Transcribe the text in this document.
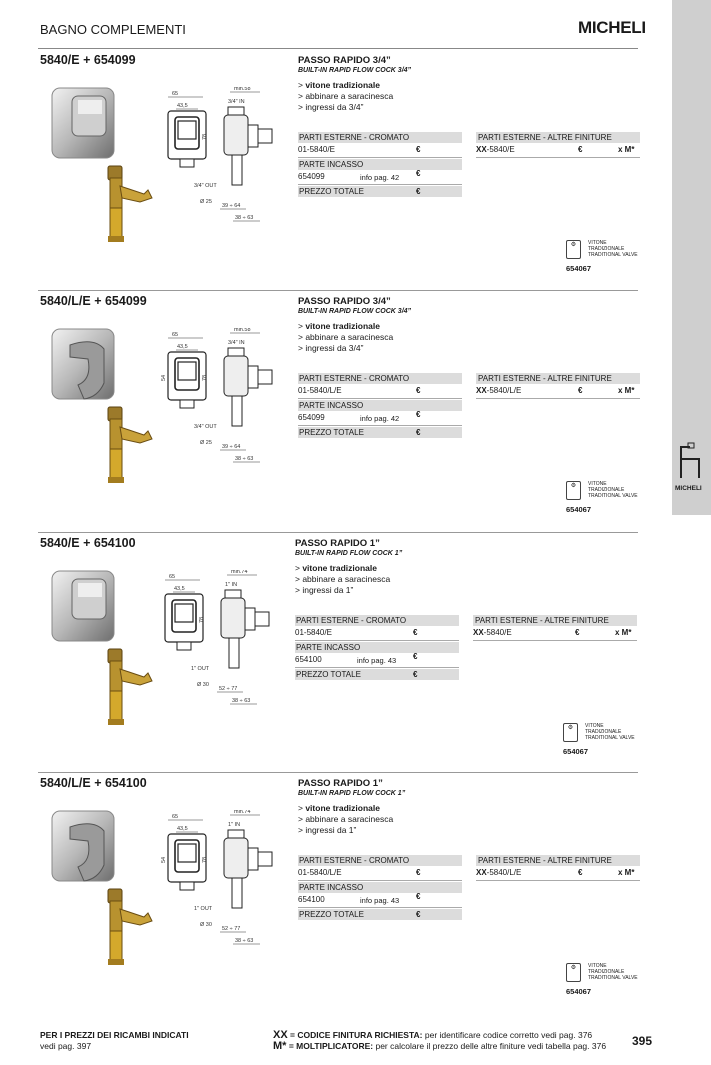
BAGNO COMPLEMENTI	MICHELI
MICHELI
5840/E + 654099
65
43,5
78
min.58
3/4" IN
3/4" OUT
Ø 25
39 ÷ 64
38 ÷ 63
PASSO RAPIDO 3/4”
BUILT-IN RAPID FLOW COCK 3/4”
> vitone tradizionale
> abbinare a saracinesca
> ingressi da 3/4”
PARTI ESTERNE - CROMATO
01-5840/E	€
PARTE INCASSO
654099	info pag. 42 €
PREZZO TOTALE	€
PARTI ESTERNE - ALTRE FINITURE
XX-5840/E	€	x M*
⚙	VITONE
TRADIZIONALE
TRADITIONAL VALVE
654067
5840/L/E + 654099
65
43,5
78
54
min.58
3/4" IN
3/4" OUT
Ø 25
39 ÷ 64
38 ÷ 63
PASSO RAPIDO 3/4”
BUILT-IN RAPID FLOW COCK 3/4”
> vitone tradizionale
> abbinare a saracinesca
> ingressi da 3/4”
PARTI ESTERNE - CROMATO
01-5840/L/E	€
PARTE INCASSO
654099	info pag. 42 €
PREZZO TOTALE	€
PARTI ESTERNE - ALTRE FINITURE
XX-5840/L/E	€	x M*
⚙	VITONE
TRADIZIONALE
TRADITIONAL VALVE
654067
5840/E + 654100
65
43,5
78
min.74
1" IN
1" OUT
Ø 30
52 ÷ 77
38 ÷ 63
PASSO RAPIDO 1”
BUILT-IN RAPID FLOW COCK 1”
> vitone tradizionale
> abbinare a saracinesca
> ingressi da 1”
PARTI ESTERNE - CROMATO
01-5840/E	€
PARTE INCASSO
654100	info pag. 43 €
PREZZO TOTALE	€
PARTI ESTERNE - ALTRE FINITURE
XX-5840/E	€	x M*
⚙	VITONE
TRADIZIONALE
TRADITIONAL VALVE
654067
5840/L/E + 654100
65
43,5
78
54
min.74
1" IN
1" OUT
Ø 30
52 ÷ 77
38 ÷ 63
PASSO RAPIDO 1”
BUILT-IN RAPID FLOW COCK 1”
> vitone tradizionale
> abbinare a saracinesca
> ingressi da 1”
PARTI ESTERNE - CROMATO
01-5840/L/E	€
PARTE INCASSO
654100	info pag. 43 €
PREZZO TOTALE	€
PARTI ESTERNE - ALTRE FINITURE
XX-5840/L/E	€	x M*
⚙	VITONE
TRADIZIONALE
TRADITIONAL VALVE
654067
PER I PREZZI DEI RICAMBI INDICATI
vedi pag. 397
XX = CODICE FINITURA RICHIESTA: per identificare codice corretto vedi pag. 376
M* = MOLTIPLICATORE: per calcolare il prezzo delle altre finiture vedi tabella pag. 376 395
